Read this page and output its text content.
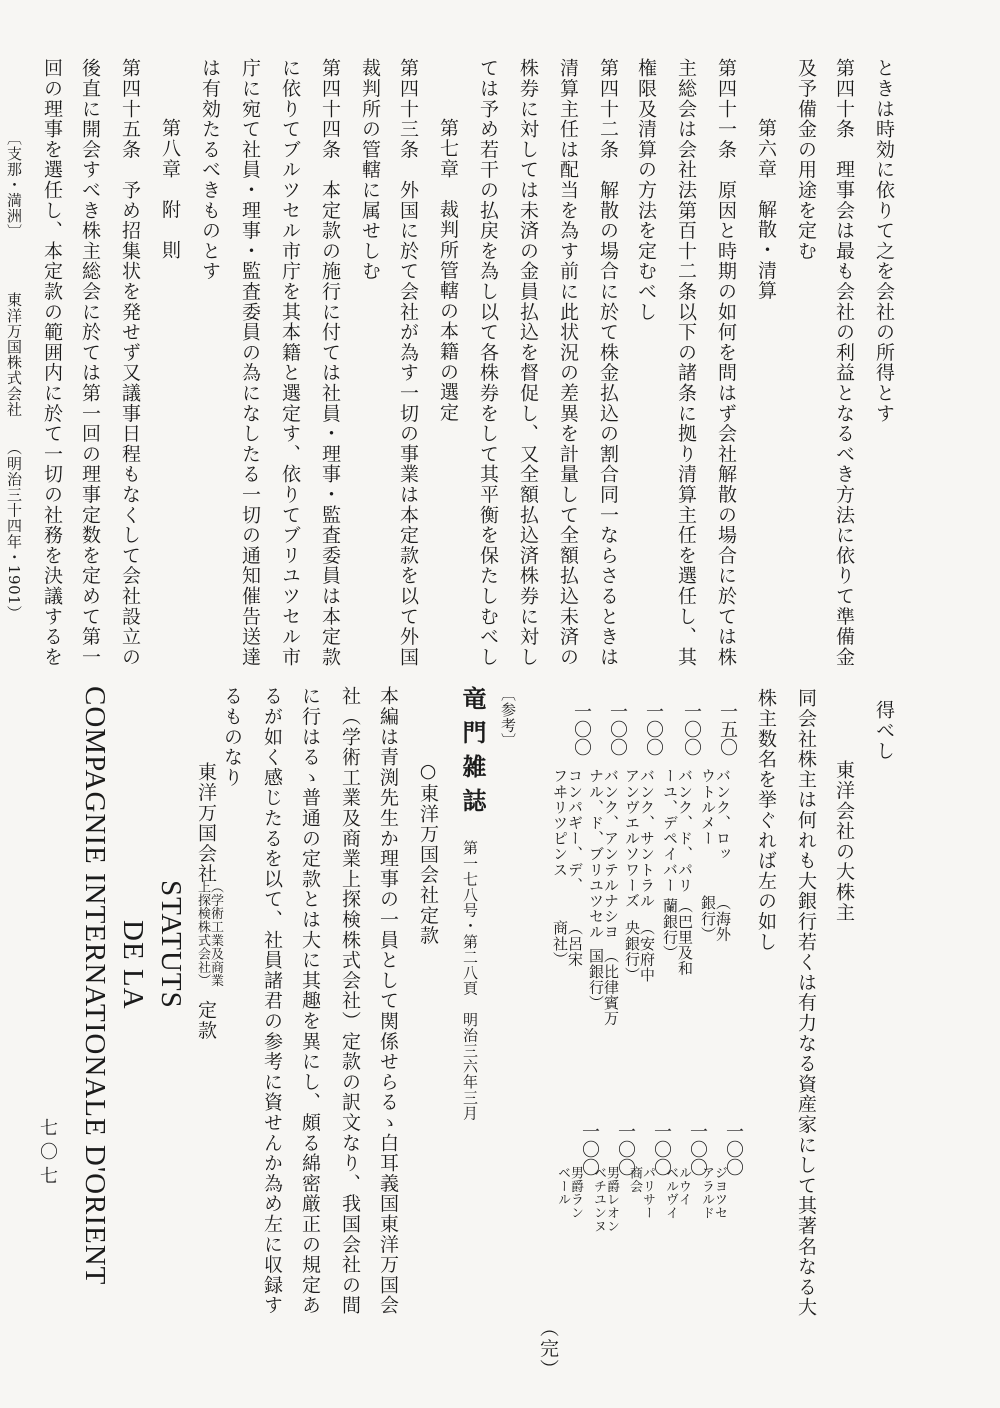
ときは時効に依りて之を会社の所得とす
第四十条　理事会は最も会社の利益となるべき方法に依りて準備金
及予備金の用途を定む
第六章　解散・清算
第四十一条　原因と時期の如何を問はず会社解散の場合に於ては株
主総会は会社法第百十二条以下の諸条に拠り清算主任を選任し、其
権限及清算の方法を定むべし
第四十二条　解散の場合に於て株金払込の割合同一ならさるときは
清算主任は配当を為す前に此状況の差異を計量して全額払込未済の
株券に対しては未済の金員払込を督促し、又全額払込済株券に対し
ては予め若干の払戻を為し以て各株券をして其平衡を保たしむべし
第七章　裁判所管轄の本籍の選定
第四十三条　外国に於て会社が為す一切の事業は本定款を以て外国
裁判所の管轄に属せしむ
第四十四条　本定款の施行に付ては社員・理事・監査委員は本定款
に依りてブルツセル市庁を其本籍と選定す、依りてブリユツセル市
庁に宛て社員・理事・監査委員の為になしたる一切の通知催告送達
は有効たるべきものとす
第八章　附　則
第四十五条　予め招集状を発せず又議事日程もなくして会社設立の
後直に開会すべき株主総会に於ては第一回の理事定数を定めて第一
回の理事を選任し、本定款の範囲内に於て一切の社務を決議するを
〔支那・満洲〕
東洋万国株式会社
（明治三十四年・1901）
得べし
東洋会社の大株主
同会社株主は何れも大銀行若くは有力なる資産家にして其著名なる大
株主数名を挙ぐれば左の如し
一五〇
バンク、ロッ
ウトルメー
（海外
銀行）
一〇〇
バンク、ド、パリ
ーユ、デペイバー
（巴里及和
蘭銀行）
一〇〇
バンク、サントラル
アンヴエルソワーズ
（安府中
央銀行）
一〇〇
バンク、アンテルナシヨ
ナル、ド、ブリユツセル
（比律賓万
国銀行）
一〇〇
コンパギー、デ、
フヰリツピンス
（呂宋
商社）
一〇〇
ジヨツセ
アラルド
一〇〇
ルウイ
ベルヴイ
一〇〇
パリサー
商会
一〇〇
男爵レオン
ベチユンヌ
一〇〇
男爵ラン
ベール
（完）
〔参考〕
竜門雑誌
第一七八号・第二八頁　明治三六年三月
○東洋万国会社定款
本編は青渕先生か理事の一員として関係せらるゝ白耳義国東洋万国会
社（学術工業及商業上探検株式会社）定款の訳文なり、我国会社の間
に行はるゝ普通の定款とは大に其趣を異にし、頗る綿密厳正の規定あ
るが如く感じたるを以て、社員諸君の参考に資せんか為め左に収録す
るものなり
東洋万国会社
（学術工業及商業
上探検株式会社）
定款
STATUTS
DE LA
COMPAGNIE INTERNATIONALE D'ORIENT
七〇七
